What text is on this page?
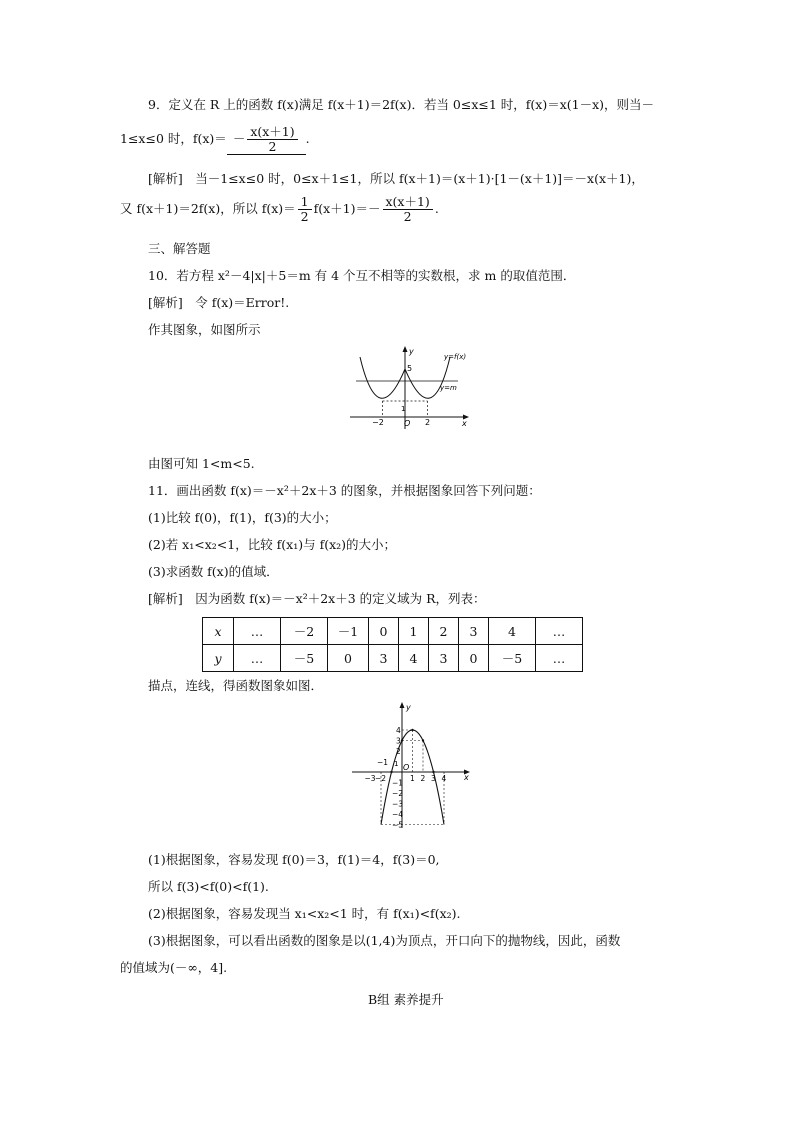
9．定义在 R 上的函数 f(x)满足 f(x＋1)＝2f(x)．若当 0≤x≤1 时，f(x)＝x(1－x)，则当－
1≤x≤0 时，$f(x)= - \frac{x(x+1)}{2}$ .
[解析]　当－1≤x≤0 时，0≤x＋1≤1，所以 f(x＋1)＝(x＋1)·[1－(x＋1)]＝－x(x＋1)，
又 f(x＋1)＝2f(x)，所以 $f(x)= \frac{1}{2} f(x+1)=- \frac{x(x+1)}{2}$ .
三、解答题
10．若方程 x²－4|x|＋5＝m 有 4 个互不相等的实数根，求 m 的取值范围．
[解析]　令 f(x)＝Error!.
作其图象，如图所示
y
5
y=f(x)
y=m
1
O
−2	2	x
由图可知 1<m<5.
11．画出函数 f(x)＝－x²＋2x＋3 的图象，并根据图象回答下列问题：
(1)比较 f(0)，f(1)，f(3)的大小；
(2)若 x₁<x₂<1，比较 f(x₁)与 f(x₂)的大小；
(3)求函数 f(x)的值域．
[解析]　因为函数 f(x)＝－x²＋2x＋3 的定义域为 R，列表：
x	…	－2	－1	0	1	2	3	4	…
y	…	－5	0	3	4	3	0	－5	…
描点，连线，得函数图象如图．
−3 −2	1 2 3 4
4
3
2
−1
−2
−3
−4
−5
y
x
O
−1 1
(1)根据图象，容易发现 f(0)＝3，f(1)＝4，f(3)＝0,
所以 f(3)<f(0)<f(1).
(2)根据图象，容易发现当 x₁<x₂<1 时，有 f(x₁)<f(x₂).
(3)根据图象，可以看出函数的图象是以(1,4)为顶点，开口向下的抛物线，因此，函数
的值域为(－∞，4].
B组 素养提升
